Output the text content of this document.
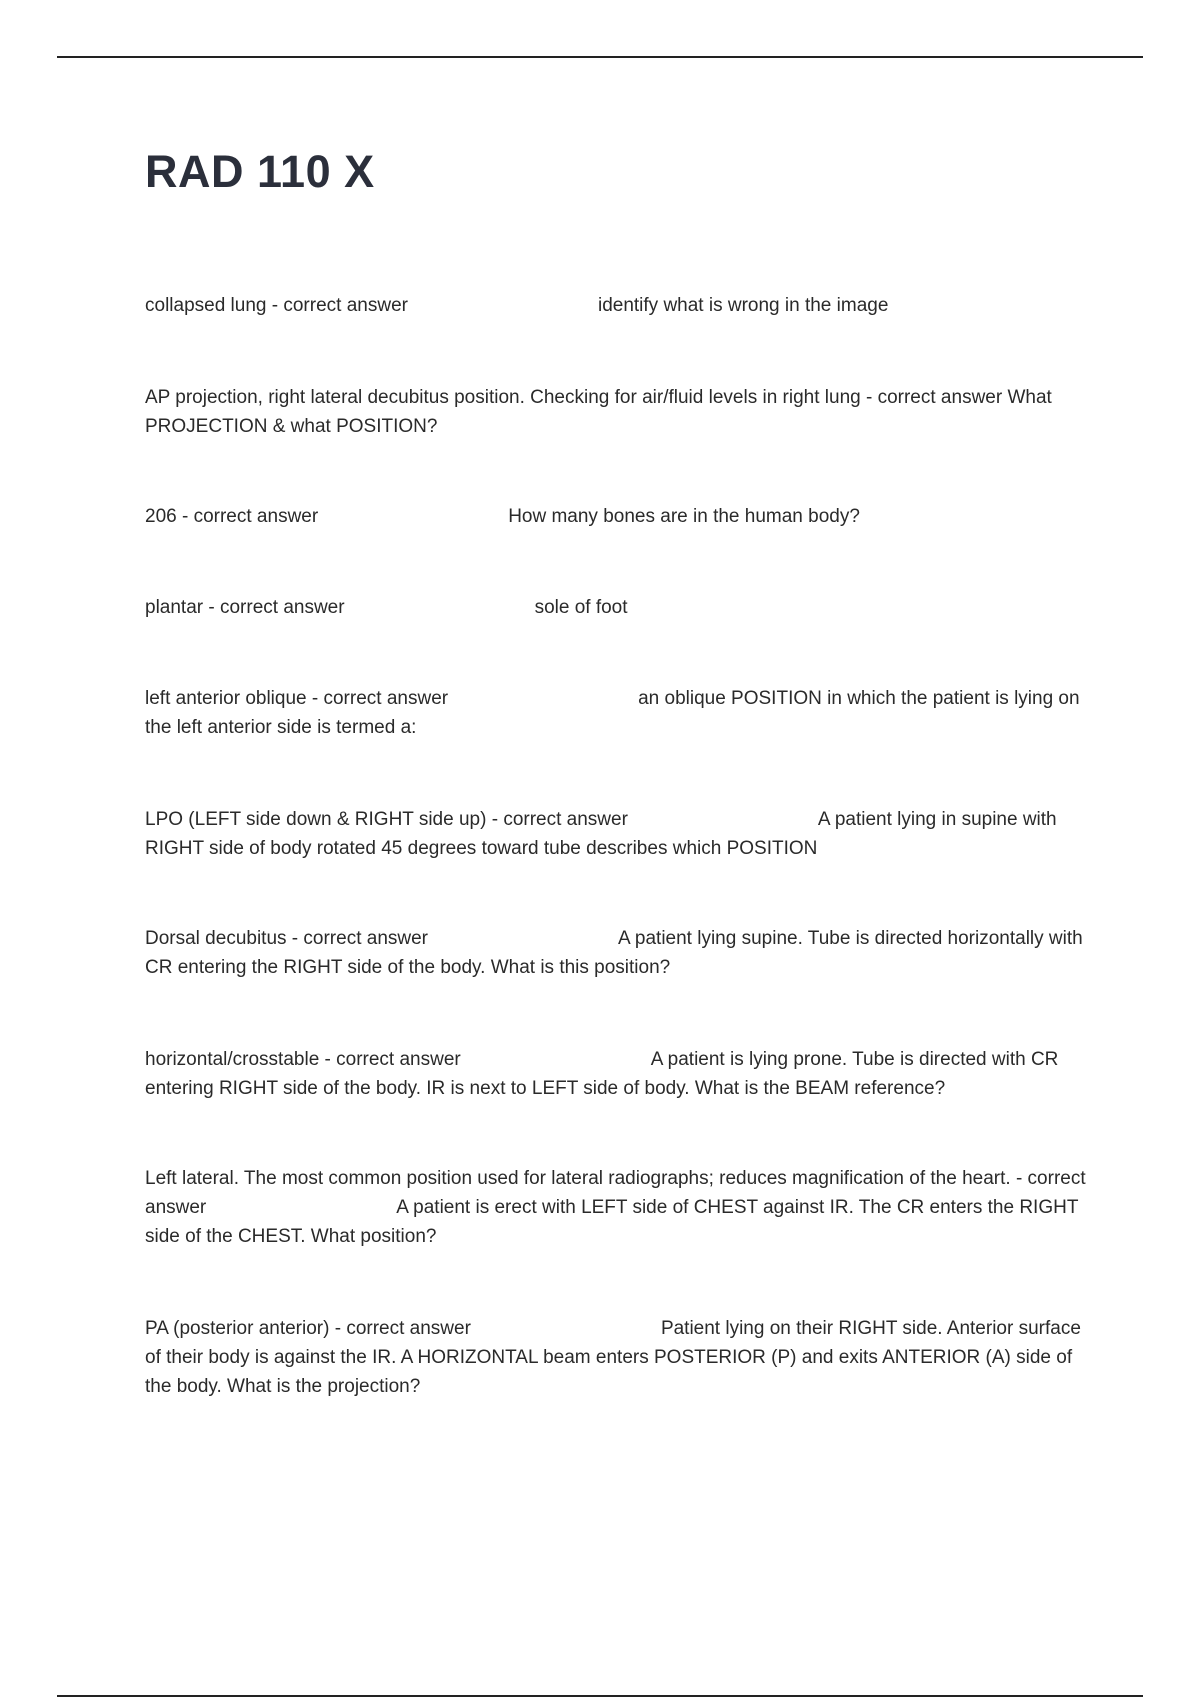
RAD 110 X

collapsed lung - correct answer	identify what is wrong in the image

AP projection, right lateral decubitus position. Checking for air/fluid levels in right lung - correct answer What PROJECTION & what POSITION?

206 - correct answer	How many bones are in the human body?

plantar - correct answer	sole of foot

left anterior oblique - correct answer	an oblique POSITION in which the patient is lying on the left anterior side is termed a:

LPO (LEFT side down & RIGHT side up) - correct answer	A patient lying in supine with RIGHT side of body rotated 45 degrees toward tube describes which POSITION

Dorsal decubitus - correct answer	A patient lying supine. Tube is directed horizontally with CR entering the RIGHT side of the body. What is this position?

horizontal/crosstable - correct answer	A patient is lying prone. Tube is directed with CR entering RIGHT side of the body. IR is next to LEFT side of body. What is the BEAM reference?

Left lateral. The most common position used for lateral radiographs; reduces magnification of the heart. - correct answer	A patient is erect with LEFT side of CHEST against IR. The CR enters the RIGHT side of the CHEST. What position?

PA (posterior anterior) - correct answer	Patient lying on their RIGHT side. Anterior surface of their body is against the IR. A HORIZONTAL beam enters POSTERIOR (P) and exits ANTERIOR (A) side of the body. What is the projection?
